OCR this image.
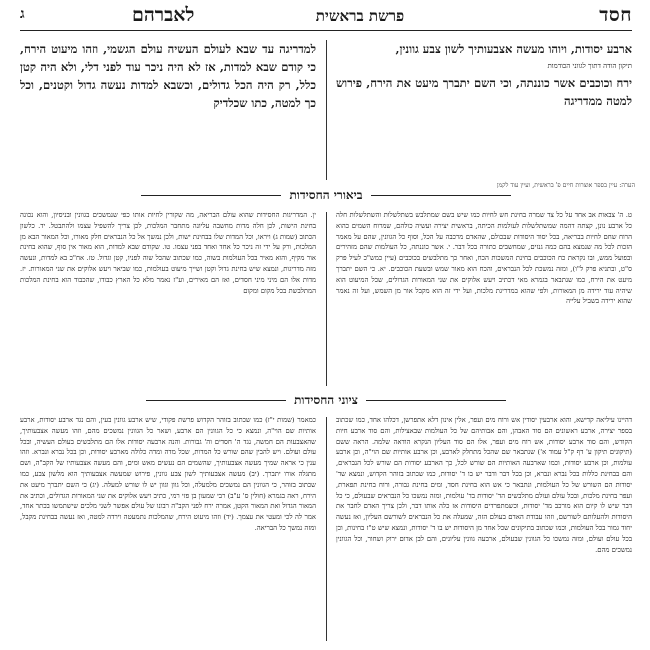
חסד
פרשת בראשית
לאברהם
ג
ארבע יסודות, ויוהו מעשה אצבעותיך לשון צבע גוונין,
תיקון הודה דתוך לגווני הכודמות
ירח וכוכבים אשר כוננתה, וכי השם יתברך מיעט את הירח, פירוש למטה ממדריגה
למדריגה עד שבא לעולם העשיה עולם הגשמי, וזהו מיעוט הירח, כי קודם שבא למדות, אז לא היה ניכר עוד לפני דלי, ולא היה קטן כלל, רק היה הכל גדולים, וכשבא למדות נעשה גדול וקטנים, וכל כך למטה, כתו שכלדיק
הערה: עיין בספר אוצרות חיים פ' בראשית, ועיין עוד לקמן
ביאורי החסידות
ט. ה' צבאות אב אחד על כל צד שמרה בחינת חש לחיות כמו שיש בשם שמתלבש בשתלשלות והשתלשלות חלה כל ארבע נונן, קצתה דהמה שמשתלשלות לעולמות הכיתה, בראשית יצירה ועשיה כולהם, שמרוח השמים כהוא הרוח שחם לחיות בבריאה, בכל יסוד היסודות שבכולם, שהאדם מרכבה על הכל, וסוף כל הגוונין, שהם על מאמר הזכות לכל מה שנמצא בהם כמה גנזים, שמחשבים כתורה בכל דבר. י. אשר כוננתה, כל העולמות שהם מזהירים ובפועל ממש, ובו נקראת כח הכוכבים בחינת המשכות הכח, ואחר כך מתלבשים בכוכבים (עיין כמש"כ לעיל פרק ס"ט, ובתניא פרק ל"ו), ומזה נמשכת לכל הנבראים, והכח הוא מאור שמש ובשעת הכוכבים. יא. כי השם יתברך מיעט את הירח, כמו שנתבאר בגמרא מאי דכתיב ויעש אלוקים את שני המאורות הגדולים, שכל המיעוט הוא שיהיה עוד ירידה מן המאורות, ולפי שהוא במדריגת מלכות, ועל ידי זה הוא מקבל אור מן השמש, ועל זה נאמר שהוא ירידה בשביל עלייה
ין. המדריגות החסידות שהוא עולם הבריאה, מה שקורין לחיות אותו כפי שנמשכים בגוונין ובניסיון, והוא נכונה בחינת הישות, לכן חלה מדות מחשבה עליונה מתחבר המלכות, לכן צריך להשפיל עצמו ולהתבטל. יד. כלשון הכתוב (שמות ג) ויראו, וכל המדות שלו בבחינת ישות, ולכן נמשך אל כל הנבראים חלק מאורו, וכל המאור הבא מן המלכות, ורק על ידי זה ניכר כל אחד ואחד בפני עצמו. טו. שקודם שבא למדות, הוא מאור אין סוף, שהוא בחינת אור מקיף, והוא מאיר בכל העולמות בשוה, כמו שכתוב שהכל שוה לפניו, קטן וגדול. טז. אח"כ בא למדות, ונעשה מזה מדריגות, ונמצא שיש בחינת גדול וקטן ושייך מיעוט בעולמות, כמו שביאר ויעש אלוקים את שני המאורות. יז. מדות אלו הם מיני מיני חסדים, ואז הם מאירים, וע"ז נאמר מלא כל הארץ כבודו, שהכבוד הוא בחינת המלכות המתלבשת בכל מקום ומקום
ציוני החסידות
דהיינו עיליאה קדישא, והוא ארבעין יסודין אש ורוח מים ועפר, אלין אינון דלא אתפרשן, דכלהו אחד, כמו שכתוב בספר יצירה, ארבע ראשונים הם סוד האבהן, והם אבותיהם של כל העולמות שבאצילות, והם סוד ארבע חיות הקודש, והם סוד ארבע יסודות, אש רוח מים ועפר, אלו הם סוד העליון הנקרא הודאה שלמה. הראה ששם (תיקונים תיקון ע' דף ק"ל עמוד א') שנתבאר שם שהכל מתחלק לארבע, וכן ארבע אותיות שם הוי"ה, וכן ארבע עולמות, וכן ארבע יסודות, וכמו שארבעה האותיות הם שורש לכל, כך הארבע יסודות הם שורש לכל הנבראים, והם בבחינת כללות בכל נברא ונברא, וכן בכל דבר ודבר יש בו ד' יסודות, כמו שכתוב בזוהר הקדוש, ונמצא שד' יסודות הם השורש של כל העולמות, ונתבאר כי אש הוא בחינת חסד, ומים בחינת גבורה, ורוח בחינת תפארת, ועפר בחינת מלכות, ובכל עולם ועולם מתלבשים הד' יסודות בד' עולמות, ומזה נמשכו כל הנבראים שבעולם, כי כל דבר שיש לו קיום הוא מורכב מד' יסודות, וכשמתפרדים היסודות אז כלה אותו דבר, ולכן צריך האדם לחבר את היסודות ולהעלותם לשורשם, וזהו עבודת האדם בעולם הזה, שמעלה את כל הנבראים לשורשם העליון, ואז נעשה יחוד גמור בכל העולמות, וכמו שכתוב בתיקונים שכל אחד מן היסודות יש בו ד' יסודות, ונמצא שיש ט"ז בחינות, וכן בכל עולם ועולם, ומזה נמשכו כל הגוונין שבעולם, ארבעה גוונין עליונים, והם לבן אדום ירוק ושחור, וכל הגוונין נמשכים מהם.
כמאמר (שמות י"ז) כמו שכתוב בזוהר הקדוש פרשת פקודי, שיש ארבע גוונין בעין, והם נגד ארבע יסודות, ארבע אותיות שם הוי"ה, ונמצא כי כל הגוונין הם ארבע, ושאר כל הגוונין נמשכים מהם, וזהו מעשה אצבעותיך, שהאצבעות הם חמשה, נגד ה' חסדים וה' גבורות. והנה ארבעה יסודות אלו הם מתלבשים בעולם העשיה, ובכל עולם ועולם. ויש להבין שהם שורש כל המדות, שכל מדה ומדה כלולה מארבע יסודות, וכן בכל נברא ונברא. וזהו ענין כי אראה שמיך מעשה אצבעותיך, שהשמים הם נעשים מאש ומים, והם מעשה אצבעותיו של הקב"ה, ושם מתגלה אורו יתברך. (יב) מעשה אצבעותיך לשון צבע גוונין, פירוש שמעשה אצבעותיך הוא מלשון צבע, כמו שכתוב בזוהר, כי הגוונין הם נמשכים מלמעלה, וכל גוון וגוון יש לו שורש למעלה. (יג) כי השם יתברך מיעט את הירח, ראה בגמרא (חולין ס' ע"ב) רבי שמעון בן פזי רמי, כתיב ויעש אלוקים את שני המאורות הגדולים, וכתיב את המאור הגדול ואת המאור הקטן, אמרה ירח לפני הקב"ה רבונו של עולם אפשר לשני מלכים שישתמשו בכתר אחד, אמר לה לכי ומעטי את עצמך. (יד) וזהו מיעוט הירח, שהמלכות נתמעטה וירדה למטה, ואז נעשה בבחינת מקבל, ומזה נמשך כל הבריאה.
